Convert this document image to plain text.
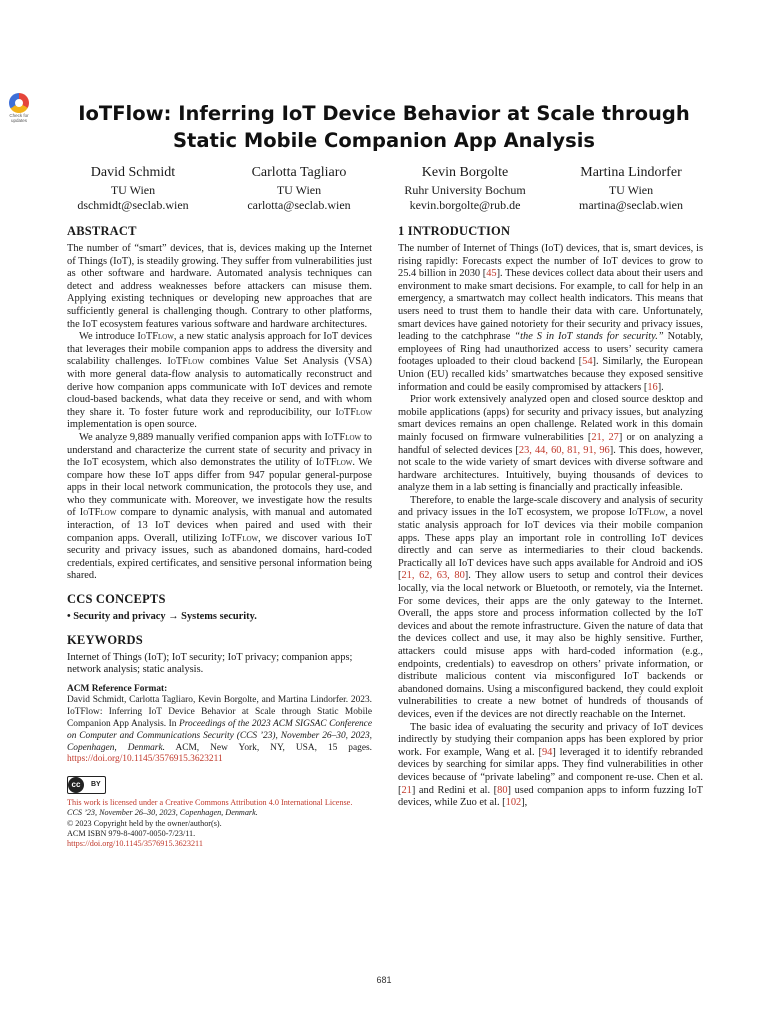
Check for updates	IoTFlow: Inferring IoT Device Behavior at Scale through Static Mobile Companion App Analysis
David Schmidt
TU Wien
dschmidt@seclab.wien
Carlotta Tagliaro
TU Wien
carlotta@seclab.wien
Kevin Borgolte
Ruhr University Bochum
kevin.borgolte@rub.de
Martina Lindorfer
TU Wien
martina@seclab.wien
ABSTRACT

The number of “smart” devices, that is, devices making up the Internet of Things (IoT), is steadily growing. They suffer from vulnerabilities just as other software and hardware. Automated analysis techniques can detect and address weaknesses before attackers can misuse them. Applying existing techniques or developing new approaches that are sufficiently general is challenging though. Contrary to other platforms, the IoT ecosystem features various software and hardware architectures.

We introduce IoTFlow, a new static analysis approach for IoT devices that leverages their mobile companion apps to address the diversity and scalability challenges. IoTFlow combines Value Set Analysis (VSA) with more general data-flow analysis to automatically reconstruct and derive how companion apps communicate with IoT devices and remote cloud-based backends, what data they receive or send, and with whom they share it. To foster future work and reproducibility, our IoTFlow implementation is open source.

We analyze 9,889 manually verified companion apps with IoTFlow to understand and characterize the current state of security and privacy in the IoT ecosystem, which also demonstrates the utility of IoTFlow. We compare how these IoT apps differ from 947 popular general-purpose apps in their local network communication, the protocols they use, and who they communicate with. Moreover, we investigate how the results of IoTFlow compare to dynamic analysis, with manual and automated interaction, of 13 IoT devices when paired and used with their companion apps. Overall, utilizing IoTFlow, we discover various IoT security and privacy issues, such as abandoned domains, hard-coded credentials, expired certificates, and sensitive personal information being shared.

CCS CONCEPTS
• Security and privacy → Systems security.
KEYWORDS

Internet of Things (IoT); IoT security; IoT privacy; companion apps; network analysis; static analysis.

ACM Reference Format:

David Schmidt, Carlotta Tagliaro, Kevin Borgolte, and Martina Lindorfer. 2023. IoTFlow: Inferring IoT Device Behavior at Scale through Static Mobile Companion App Analysis. In Proceedings of the 2023 ACM SIGSAC Conference on Computer and Communications Security (CCS ’23), November 26–30, 2023, Copenhagen, Denmark. ACM, New York, NY, USA, 15 pages. https://doi.org/10.1145/3576915.3623211

cc	BY
This work is licensed under a Creative Commons Attribution 4.0 International License.
CCS ’23, November 26–30, 2023, Copenhagen, Denmark.
© 2023 Copyright held by the owner/author(s).
ACM ISBN 979-8-4007-0050-7/23/11.
https://doi.org/10.1145/3576915.3623211
1 INTRODUCTION

The number of Internet of Things (IoT) devices, that is, smart devices, is rising rapidly: Forecasts expect the number of IoT devices to grow to 25.4 billion in 2030 [45]. These devices collect data about their users and environment to make smart decisions. For example, to call for help in an emergency, a smartwatch may collect health indicators. This means that users need to trust them to handle their data with care. Unfortunately, smart devices have gained notoriety for their security and privacy issues, leading to the catchphrase “the S in IoT stands for security.” Notably, employees of Ring had unauthorized access to users’ security camera footages uploaded to their cloud backend [54]. Similarly, the European Union (EU) recalled kids’ smartwatches because they exposed sensitive information and could be easily compromised by attackers [16].

Prior work extensively analyzed open and closed source desktop and mobile applications (apps) for security and privacy issues, but analyzing smart devices remains an open challenge. Related work in this domain mainly focused on firmware vulnerabilities [21, 27] or on analyzing a handful of selected devices [23, 44, 60, 81, 91, 96]. This does, however, not scale to the wide variety of smart devices with diverse software and hardware architectures. Intuitively, buying thousands of devices to analyze them in a lab setting is financially and practically infeasible.

Therefore, to enable the large-scale discovery and analysis of security and privacy issues in the IoT ecosystem, we propose IoTFlow, a novel static analysis approach for IoT devices via their mobile companion apps. These apps play an important role in controlling IoT devices directly and can serve as intermediaries to their cloud backends. Practically all IoT devices have such apps available for Android and iOS [21, 62, 63, 80]. They allow users to setup and control their devices locally, via the local network or Bluetooth, or remotely, via the Internet. For some devices, their apps are the only gateway to the Internet. Overall, the apps store and process information collected by the IoT devices and about the remote infrastructure. Given the nature of data that the devices collect and use, it may also be highly sensitive. Further, attackers could misuse apps with hard-coded information (e.g., endpoints, credentials) to eavesdrop on others’ private information, or distribute malicious content via misconfigured IoT backends or abandoned domains. Using a misconfigured backend, they could exploit vulnerabilities to create a new botnet of hundreds of thousands of devices, even if the devices are not directly reachable on the Internet.

The basic idea of evaluating the security and privacy of IoT devices indirectly by studying their companion apps has been explored by prior work. For example, Wang et al. [94] leveraged it to identify rebranded devices by searching for similar apps. They find vulnerabilities in other devices because of “private labeling” and component re-use. Chen et al. [21] and Redini et al. [80] used companion apps to inform fuzzing IoT devices, while Zuo et al. [102],

681
